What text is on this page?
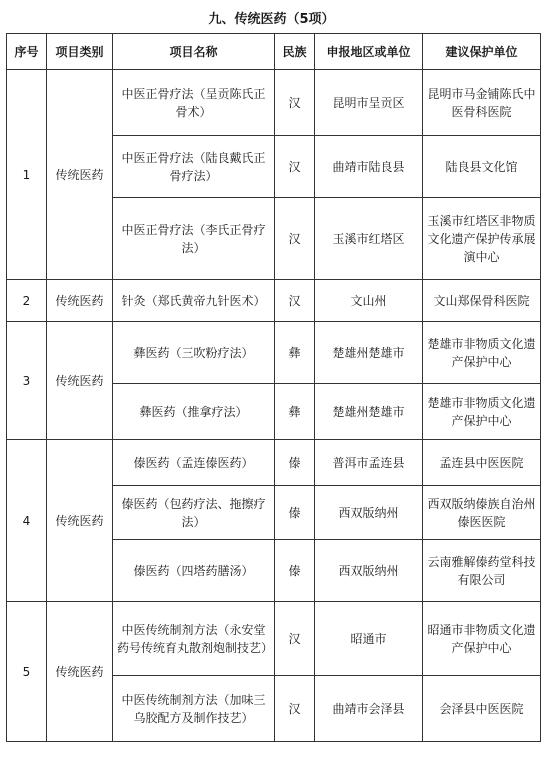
九、传统医药（5项）
序号	项目类别	项目名称	民族	申报地区或单位	建议保护单位
1	传统医药	中医正骨疗法（呈贡陈氏正骨术）	汉	昆明市呈贡区	昆明市马金铺陈氏中医骨科医院
		中医正骨疗法（陆良戴氏正骨疗法）	汉	曲靖市陆良县	陆良县文化馆
		中医正骨疗法（李氏正骨疗法）	汉	玉溪市红塔区	玉溪市红塔区非物质文化遗产保护传承展演中心
2	传统医药	针灸（郑氏黄帝九针医术）	汉	文山州	文山郑保骨科医院
3	传统医药	彝医药（三吹粉疗法）	彝	楚雄州楚雄市	楚雄市非物质文化遗产保护中心
		彝医药（推拿疗法）	彝	楚雄州楚雄市	楚雄市非物质文化遗产保护中心
4	传统医药	傣医药（孟连傣医药）	傣	普洱市孟连县	孟连县中医医院
		傣医药（包药疗法、拖擦疗法）	傣	西双版纳州	西双版纳傣族自治州傣医医院
		傣医药（四塔药膳汤）	傣	西双版纳州	云南雅解傣药堂科技有限公司
5	传统医药	中医传统制剂方法（永安堂药号传统育丸散剂炮制技艺）	汉	昭通市	昭通市非物质文化遗产保护中心
		中医传统制剂方法（加味三乌胶配方及制作技艺）	汉	曲靖市会泽县	会泽县中医医院
